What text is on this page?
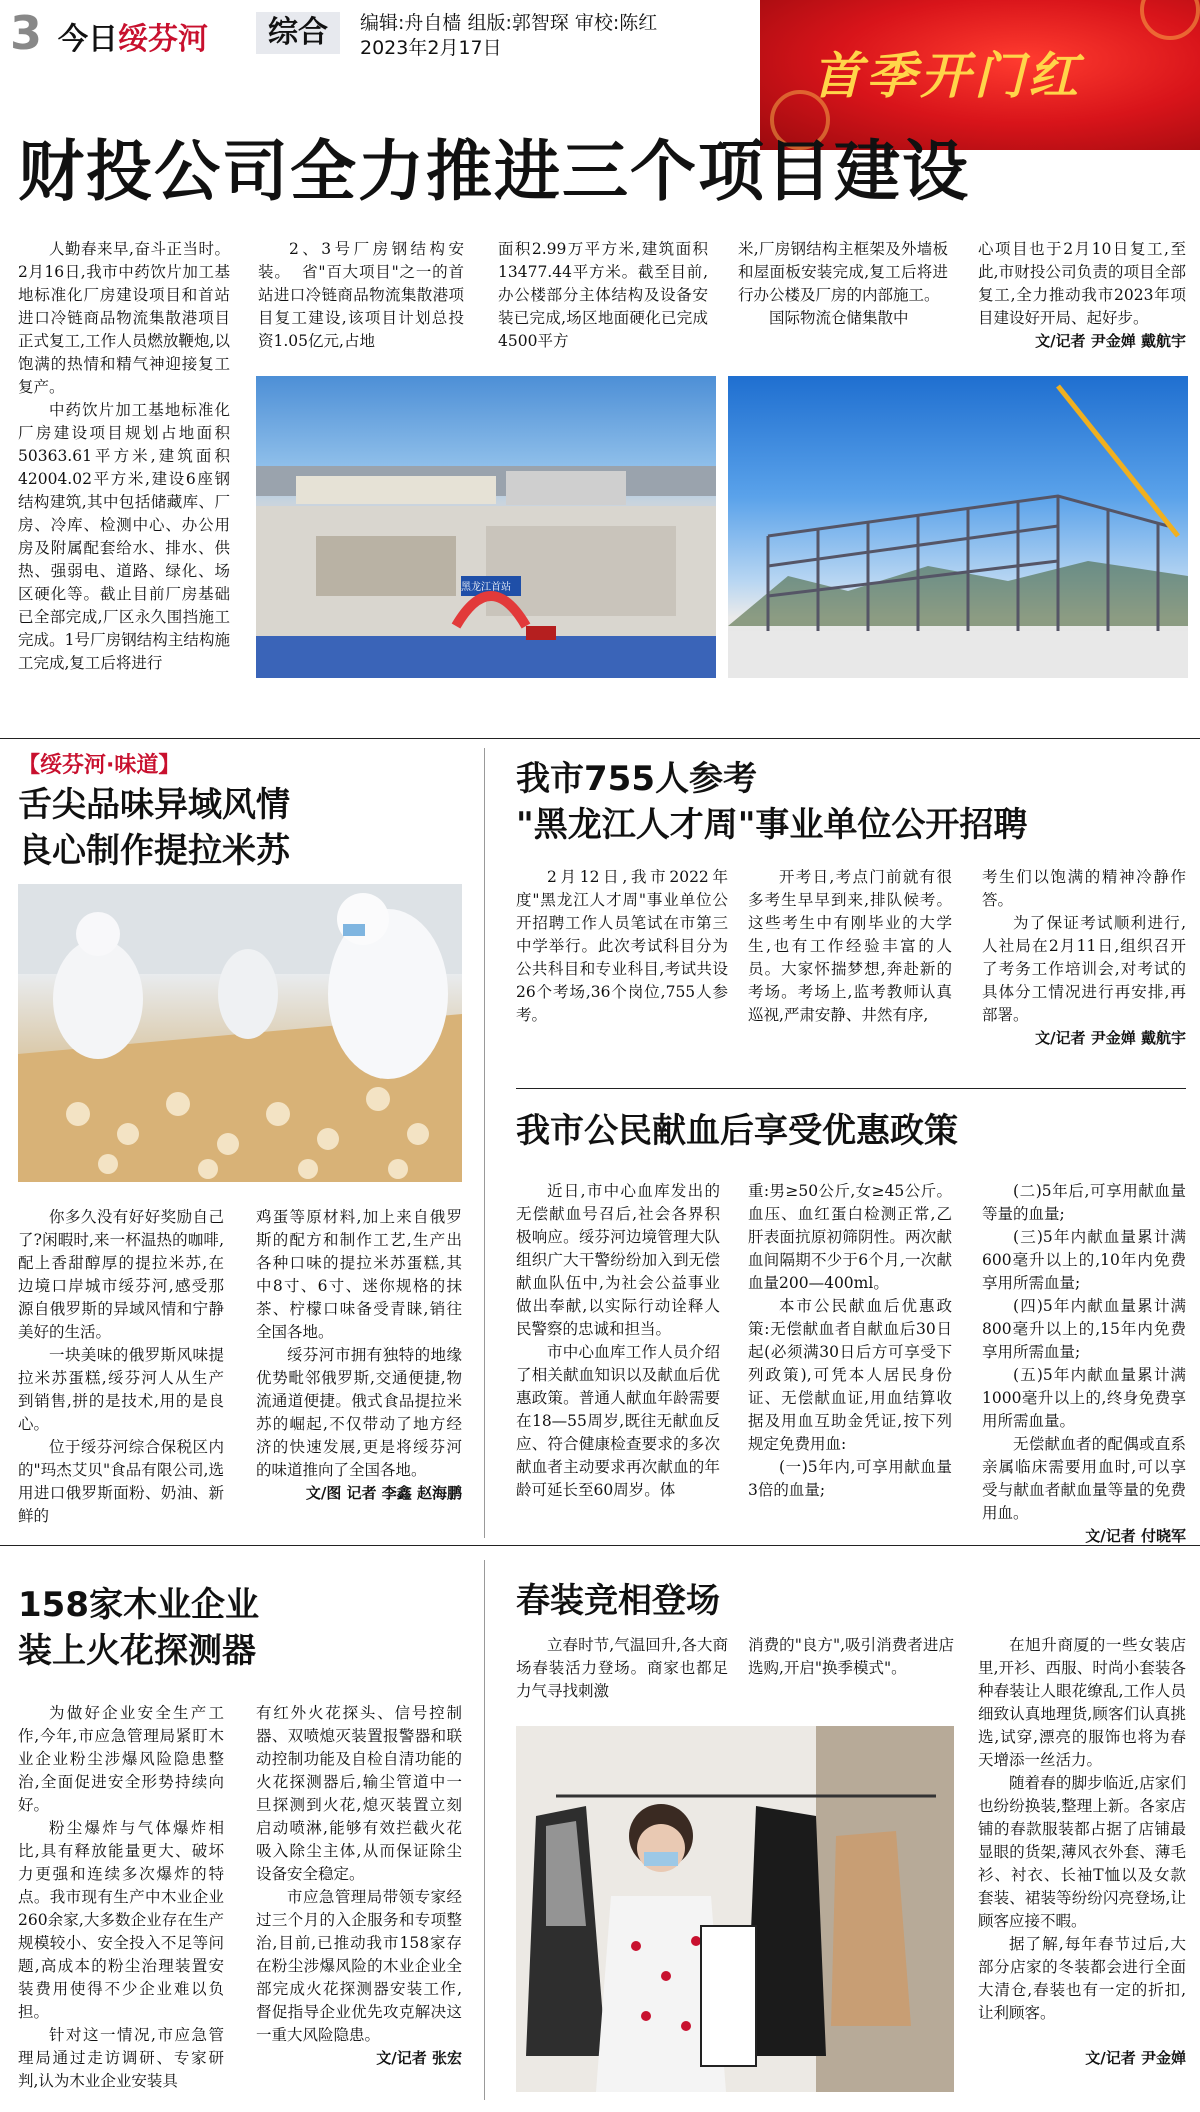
3 今日绥芬河	综合	编辑:舟自樯 组版:郭智琛 审校:陈红
2023年2月17日	首季开门红
财投公司全力推进三个项目建设

人勤春来早,奋斗正当时。2月16日,我市中药饮片加工基地标准化厂房建设项目和首站进口冷链商品物流集散港项目正式复工,工作人员燃放鞭炮,以饱满的热情和精气神迎接复工复产。

中药饮片加工基地标准化厂房建设项目规划占地面积50363.61平方米,建筑面积42004.02平方米,建设6座钢结构建筑,其中包括储藏库、厂房、冷库、检测中心、办公用房及附属配套给水、排水、供热、强弱电、道路、绿化、场区硬化等。截止目前厂房基础已全部完成,厂区永久围挡施工完成。1号厂房钢结构主结构施工完成,复工后将进行

2、3号厂房钢结构安装。  省"百大项目"之一的首站进口冷链商品物流集散港项目复工建设,该项目计划总投资1.05亿元,占地

面积2.99万平方米,建筑面积13477.44平方米。截至目前,办公楼部分主体结构及设备安装已完成,场区地面硬化已完成4500平方

米,厂房钢结构主框架及外墙板和屋面板安装完成,复工后将进行办公楼及厂房的内部施工。

国际物流仓储集散中

心项目也于2月10日复工,至此,市财投公司负责的项目全部复工,全力推动我市2023年项目建设好开局、起好步。

文/记者 尹金婵 戴航宇
黑龙江首站
【绥芬河·味道】
舌尖品味异域风情
良心制作提拉米苏

你多久没有好好奖励自己了?闲暇时,来一杯温热的咖啡,配上香甜醇厚的提拉米苏,在边境口岸城市绥芬河,感受那源自俄罗斯的异域风情和宁静美好的生活。

一块美味的俄罗斯风味提拉米苏蛋糕,绥芬河人从生产到销售,拼的是技术,用的是良心。

位于绥芬河综合保税区内的"玛杰艾贝"食品有限公司,选用进口俄罗斯面粉、奶油、新鲜的

鸡蛋等原材料,加上来自俄罗斯的配方和制作工艺,生产出各种口味的提拉米苏蛋糕,其中8寸、6寸、迷你规格的抹茶、柠檬口味备受青睐,销往全国各地。

绥芬河市拥有独特的地缘优势毗邻俄罗斯,交通便捷,物流通道便捷。俄式食品提拉米苏的崛起,不仅带动了地方经济的快速发展,更是将绥芬河的味道推向了全国各地。

文/图 记者 李鑫 赵海鹏
我市755人参考
"黑龙江人才周"事业单位公开招聘

2月12日,我市2022年度"黑龙江人才周"事业单位公开招聘工作人员笔试在市第三中学举行。此次考试科目分为公共科目和专业科目,考试共设26个考场,36个岗位,755人参考。

开考日,考点门前就有很多考生早早到来,排队候考。这些考生中有刚毕业的大学生,也有工作经验丰富的人员。大家怀揣梦想,奔赴新的考场。考场上,监考教师认真巡视,严肃安静、井然有序,

考生们以饱满的精神冷静作答。

为了保证考试顺利进行,人社局在2月11日,组织召开了考务工作培训会,对考试的具体分工情况进行再安排,再部署。

文/记者 尹金婵 戴航宇
我市公民献血后享受优惠政策

近日,市中心血库发出的无偿献血号召后,社会各界积极响应。绥芬河边境管理大队组织广大干警纷纷加入到无偿献血队伍中,为社会公益事业做出奉献,以实际行动诠释人民警察的忠诚和担当。

市中心血库工作人员介绍了相关献血知识以及献血后优惠政策。普通人献血年龄需要在18—55周岁,既往无献血反应、符合健康检查要求的多次献血者主动要求再次献血的年龄可延长至60周岁。体

重:男≥50公斤,女≥45公斤。血压、血红蛋白检测正常,乙肝表面抗原初筛阴性。两次献血间隔期不少于6个月,一次献血量200—400ml。

本市公民献血后优惠政策:无偿献血者自献血后30日起(必须满30日后方可享受下列政策),可凭本人居民身份证、无偿献血证,用血结算收据及用血互助金凭证,按下列规定免费用血:

(一)5年内,可享用献血量3倍的血量;

(二)5年后,可享用献血量等量的血量;

(三)5年内献血量累计满600毫升以上的,10年内免费享用所需血量;

(四)5年内献血量累计满800毫升以上的,15年内免费享用所需血量;

(五)5年内献血量累计满1000毫升以上的,终身免费享用所需血量。

无偿献血者的配偶或直系亲属临床需要用血时,可以享受与献血者献血量等量的免费用血。

文/记者 付晓军
158家木业企业
装上火花探测器

为做好企业安全生产工作,今年,市应急管理局紧盯木业企业粉尘涉爆风险隐患整治,全面促进安全形势持续向好。

粉尘爆炸与气体爆炸相比,具有释放能量更大、破坏力更强和连续多次爆炸的特点。我市现有生产中木业企业260余家,大多数企业存在生产规模较小、安全投入不足等问题,高成本的粉尘治理装置安装费用使得不少企业难以负担。

针对这一情况,市应急管理局通过走访调研、专家研判,认为木业企业安装具

有红外火花探头、信号控制器、双喷熄灭装置报警器和联动控制功能及自检自清功能的火花探测器后,输尘管道中一旦探测到火花,熄灭装置立刻启动喷淋,能够有效拦截火花吸入除尘主体,从而保证除尘设备安全稳定。

市应急管理局带领专家经过三个月的入企服务和专项整治,目前,已推动我市158家存在粉尘涉爆风险的木业企业全部完成火花探测器安装工作,督促指导企业优先攻克解决这一重大风险隐患。

文/记者 张宏
春装竞相登场

立春时节,气温回升,各大商场春装活力登场。商家也都足力气寻找刺激

消费的"良方",吸引消费者进店选购,开启"换季模式"。

在旭升商厦的一些女装店里,开衫、西服、时尚小套装各种春装让人眼花缭乱,工作人员细致认真地理货,顾客们认真挑选,试穿,漂亮的服饰也将为春天增添一丝活力。

随着春的脚步临近,店家们也纷纷换装,整理上新。各家店铺的春款服装都占据了店铺最显眼的货架,薄风衣外套、薄毛衫、衬衣、长袖T恤以及女款套装、裙装等纷纷闪亮登场,让顾客应接不暇。

据了解,每年春节过后,大部分店家的冬装都会进行全面大清仓,春装也有一定的折扣,让利顾客。

文/记者 尹金婵
